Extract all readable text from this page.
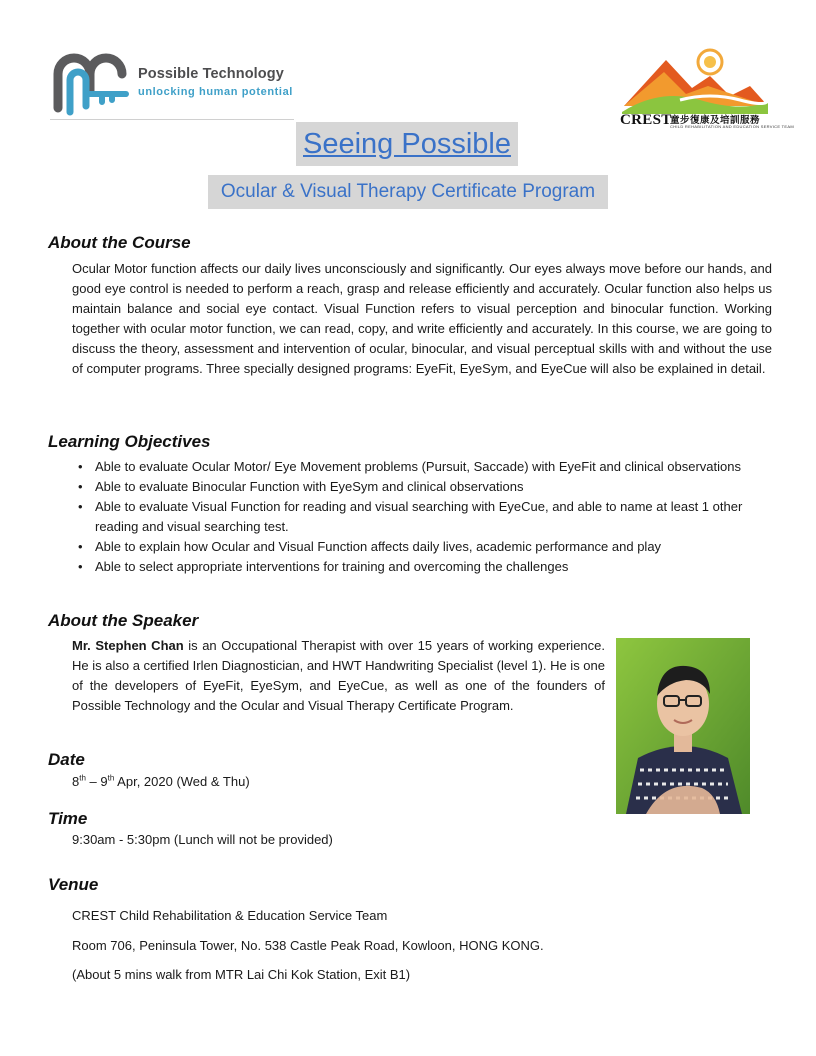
Possible Technology
unlocking human potential
CREST
童步復康及培訓服務
CHILD REHABILITATION AND EDUCATION SERVICE TEAM
Seeing Possible
Ocular & Visual Therapy Certificate Program
About the Course
Ocular Motor function affects our daily lives unconsciously and significantly. Our eyes always move before our hands, and good eye control is needed to perform a reach, grasp and release efficiently and accurately. Ocular function also helps us maintain balance and social eye contact. Visual Function refers to visual perception and binocular function. Working together with ocular motor function, we can read, copy, and write efficiently and accurately. In this course, we are going to discuss the theory, assessment and intervention of ocular, binocular, and visual perceptual skills with and without the use of computer programs. Three specially designed programs: EyeFit, EyeSym, and EyeCue will also be explained in detail.
Learning Objectives
• Able to evaluate Ocular Motor/ Eye Movement problems (Pursuit, Saccade) with EyeFit and clinical observations
• Able to evaluate Binocular Function with EyeSym and clinical observations
• Able to evaluate Visual Function for reading and visual searching with EyeCue, and able to name at least 1 other reading and visual searching test.
• Able to explain how Ocular and Visual Function affects daily lives, academic performance and play
• Able to select appropriate interventions for training and overcoming the challenges
About the Speaker
Mr. Stephen Chan is an Occupational Therapist with over 15 years of working experience. He is also a certified Irlen Diagnostician, and HWT Handwriting Specialist (level 1). He is one of the developers of EyeFit, EyeSym, and EyeCue, as well as one of the founders of Possible Technology and the Ocular and Visual Therapy Certificate Program.
Date
8th – 9th Apr, 2020 (Wed & Thu)
Time
9:30am - 5:30pm (Lunch will not be provided)
Venue
CREST Child Rehabilitation & Education Service Team
Room 706, Peninsula Tower, No. 538 Castle Peak Road, Kowloon, HONG KONG.
(About 5 mins walk from MTR Lai Chi Kok Station, Exit B1)
